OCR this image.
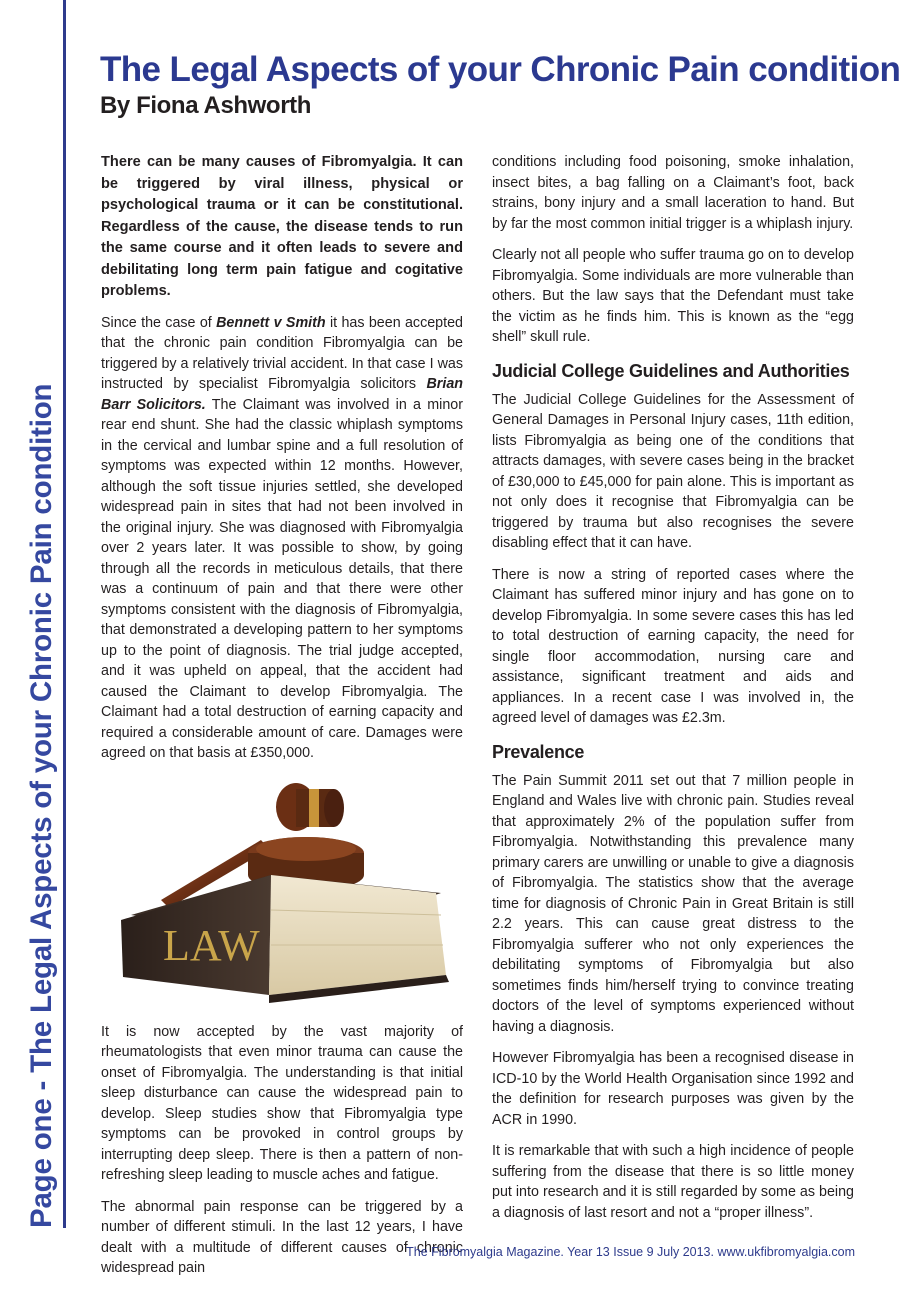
Page one - The Legal Aspects of your Chronic Pain condition
The Legal Aspects of your Chronic Pain condition
By Fiona Ashworth

There can be many causes of Fibromyalgia. It can be triggered by viral illness, physical or psychological trauma or it can be constitutional. Regardless of the cause, the disease tends to run the same course and it often leads to severe and debilitating long term pain fatigue and cogitative problems.

Since the case of Bennett v Smith it has been accepted that the chronic pain condition Fibromyalgia can be triggered by a relatively trivial accident. In that case I was instructed by specialist Fibromyalgia solicitors Brian Barr Solicitors. The Claimant was involved in a minor rear end shunt. She had the classic whiplash symptoms in the cervical and lumbar spine and a full resolution of symptoms was expected within 12 months. However, although the soft tissue injuries settled, she developed widespread pain in sites that had not been involved in the original injury. She was diagnosed with Fibromyalgia over 2 years later. It was possible to show, by going through all the records in meticulous details, that there was a continuum of pain and that there were other symptoms consistent with the diagnosis of Fibromyalgia, that demonstrated a developing pattern to her symptoms up to the point of diagnosis. The trial judge accepted, and it was upheld on appeal, that the accident had caused the Claimant to develop Fibromyalgia. The Claimant had a total destruction of earning capacity and required a considerable amount of care. Damages were agreed on that basis at £350,000.

LAW

It is now accepted by the vast majority of rheumatologists that even minor trauma can cause the onset of Fibromyalgia. The understanding is that initial sleep disturbance can cause the widespread pain to develop. Sleep studies show that Fibromyalgia type symptoms can be provoked in control groups by interrupting deep sleep. There is then a pattern of non-refreshing sleep leading to muscle aches and fatigue.

The abnormal pain response can be triggered by a number of different stimuli. In the last 12 years, I have dealt with a multitude of different causes of chronic widespread pain

conditions including food poisoning, smoke inhalation, insect bites, a bag falling on a Claimant’s foot, back strains, bony injury and a small laceration to hand. But by far the most common initial trigger is a whiplash injury.

Clearly not all people who suffer trauma go on to develop Fibromyalgia. Some individuals are more vulnerable than others. But the law says that the Defendant must take the victim as he finds him. This is known as the “egg shell” skull rule.

Judicial College Guidelines and Authorities

The Judicial College Guidelines for the Assessment of General Damages in Personal Injury cases, 11th edition, lists Fibromyalgia as being one of the conditions that attracts damages, with severe cases being in the bracket of £30,000 to £45,000 for pain alone. This is important as not only does it recognise that Fibromyalgia can be triggered by trauma but also recognises the severe disabling effect that it can have.

There is now a string of reported cases where the Claimant has suffered minor injury and has gone on to develop Fibromyalgia. In some severe cases this has led to total destruction of earning capacity, the need for single floor accommodation, nursing care and assistance, significant treatment and aids and appliances. In a recent case I was involved in, the agreed level of damages was £2.3m.

Prevalence

The Pain Summit 2011 set out that 7 million people in England and Wales live with chronic pain. Studies reveal that approximately 2% of the population suffer from Fibromyalgia. Notwithstanding this prevalence many primary carers are unwilling or unable to give a diagnosis of Fibromyalgia. The statistics show that the average time for diagnosis of Chronic Pain in Great Britain is still 2.2 years. This can cause great distress to the Fibromyalgia sufferer who not only experiences the debilitating symptoms of Fibromyalgia but also sometimes finds him/herself trying to convince treating doctors of the level of symptoms experienced without having a diagnosis.

However Fibromyalgia has been a recognised disease in ICD-10 by the World Health Organisation since 1992 and the definition for research purposes was given by the ACR in 1990.

It is remarkable that with such a high incidence of people suffering from the disease that there is so little money put into research and it is still regarded by some as being a diagnosis of last resort and not a “proper illness”.

The Fibromyalgia Magazine. Year 13 Issue 9 July 2013. www.ukfibromyalgia.com
